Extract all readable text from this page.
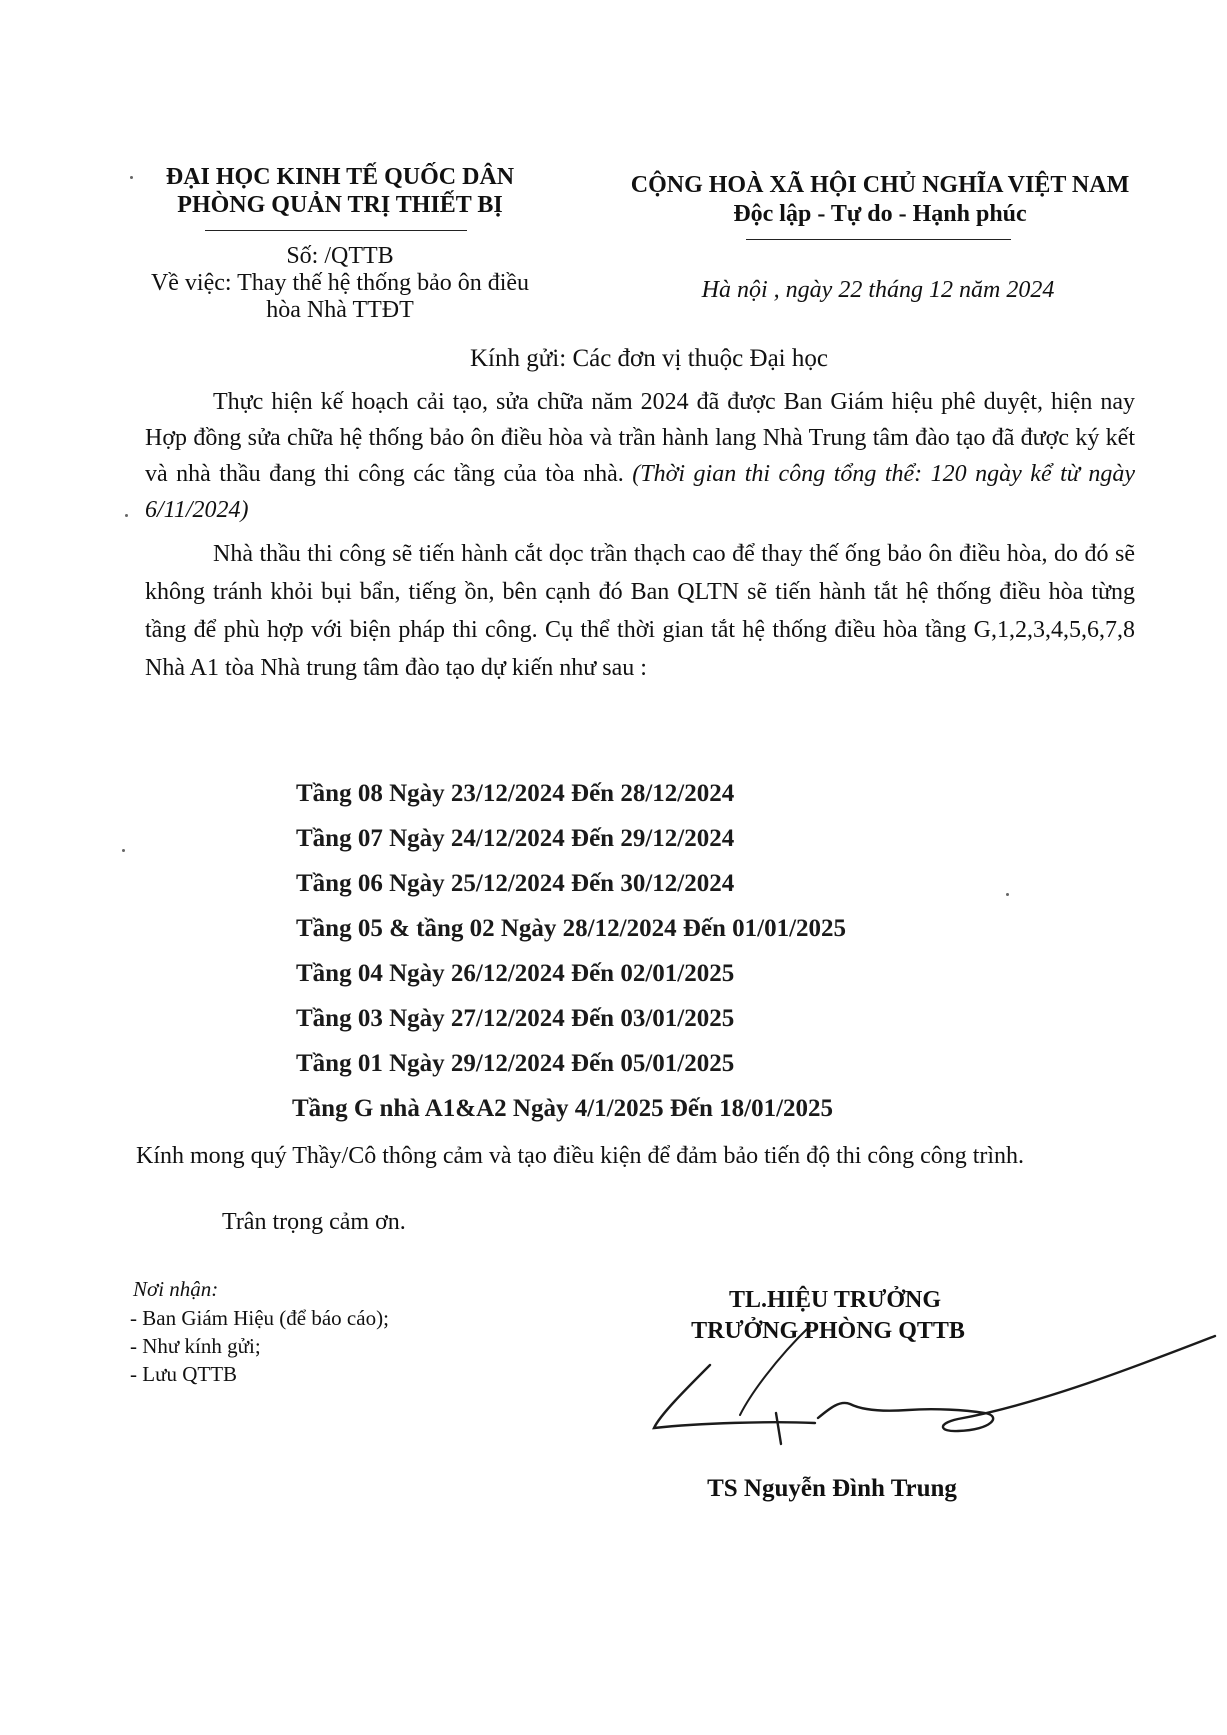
ĐẠI HỌC KINH TẾ QUỐC DÂN
PHÒNG QUẢN TRỊ THIẾT BỊ
Số: /QTTB
Về việc: Thay thế hệ thống bảo ôn điều
hòa Nhà TTĐT
CỘNG HOÀ XÃ HỘI CHỦ NGHĨA VIỆT NAM
Độc lập - Tự do - Hạnh phúc
Hà nội , ngày 22 tháng 12 năm 2024
Kính gửi: Các đơn vị thuộc Đại học
Thực hiện kế hoạch cải tạo, sửa chữa năm 2024 đã được Ban Giám hiệu phê duyệt, hiện nay Hợp đồng sửa chữa hệ thống bảo ôn điều hòa và trần hành lang Nhà Trung tâm đào tạo đã được ký kết và nhà thầu đang thi công các tầng của tòa nhà. (Thời gian thi công tổng thể: 120 ngày kể từ ngày 6/11/2024)
Nhà thầu thi công sẽ tiến hành cắt dọc trần thạch cao để thay thế ống bảo ôn điều hòa, do đó sẽ không tránh khỏi bụi bẩn, tiếng ồn, bên cạnh đó Ban QLTN sẽ tiến hành tắt hệ thống điều hòa từng tầng để phù hợp với biện pháp thi công. Cụ thể thời gian tắt hệ thống điều hòa tầng G,1,2,3,4,5,6,7,8 Nhà A1 tòa Nhà trung tâm đào tạo dự kiến như sau :
Tầng 08 Ngày 23/12/2024 Đến 28/12/2024
Tầng 07 Ngày 24/12/2024 Đến 29/12/2024
Tầng 06 Ngày 25/12/2024 Đến 30/12/2024
Tầng 05 & tầng 02 Ngày 28/12/2024 Đến 01/01/2025
Tầng 04 Ngày 26/12/2024 Đến 02/01/2025
Tầng 03 Ngày 27/12/2024 Đến 03/01/2025
Tầng 01 Ngày 29/12/2024 Đến 05/01/2025
Tầng G nhà A1&A2 Ngày 4/1/2025 Đến 18/01/2025
Kính mong quý Thầy/Cô thông cảm và tạo điều kiện để đảm bảo tiến độ thi công công trình.
Trân trọng cảm ơn.
Nơi nhận:
- Ban Giám Hiệu (để báo cáo);
- Như kính gửi;
- Lưu QTTB
TL.HIỆU TRƯỞNG
TRƯỞNG PHÒNG QTTB
TS Nguyễn Đình Trung
